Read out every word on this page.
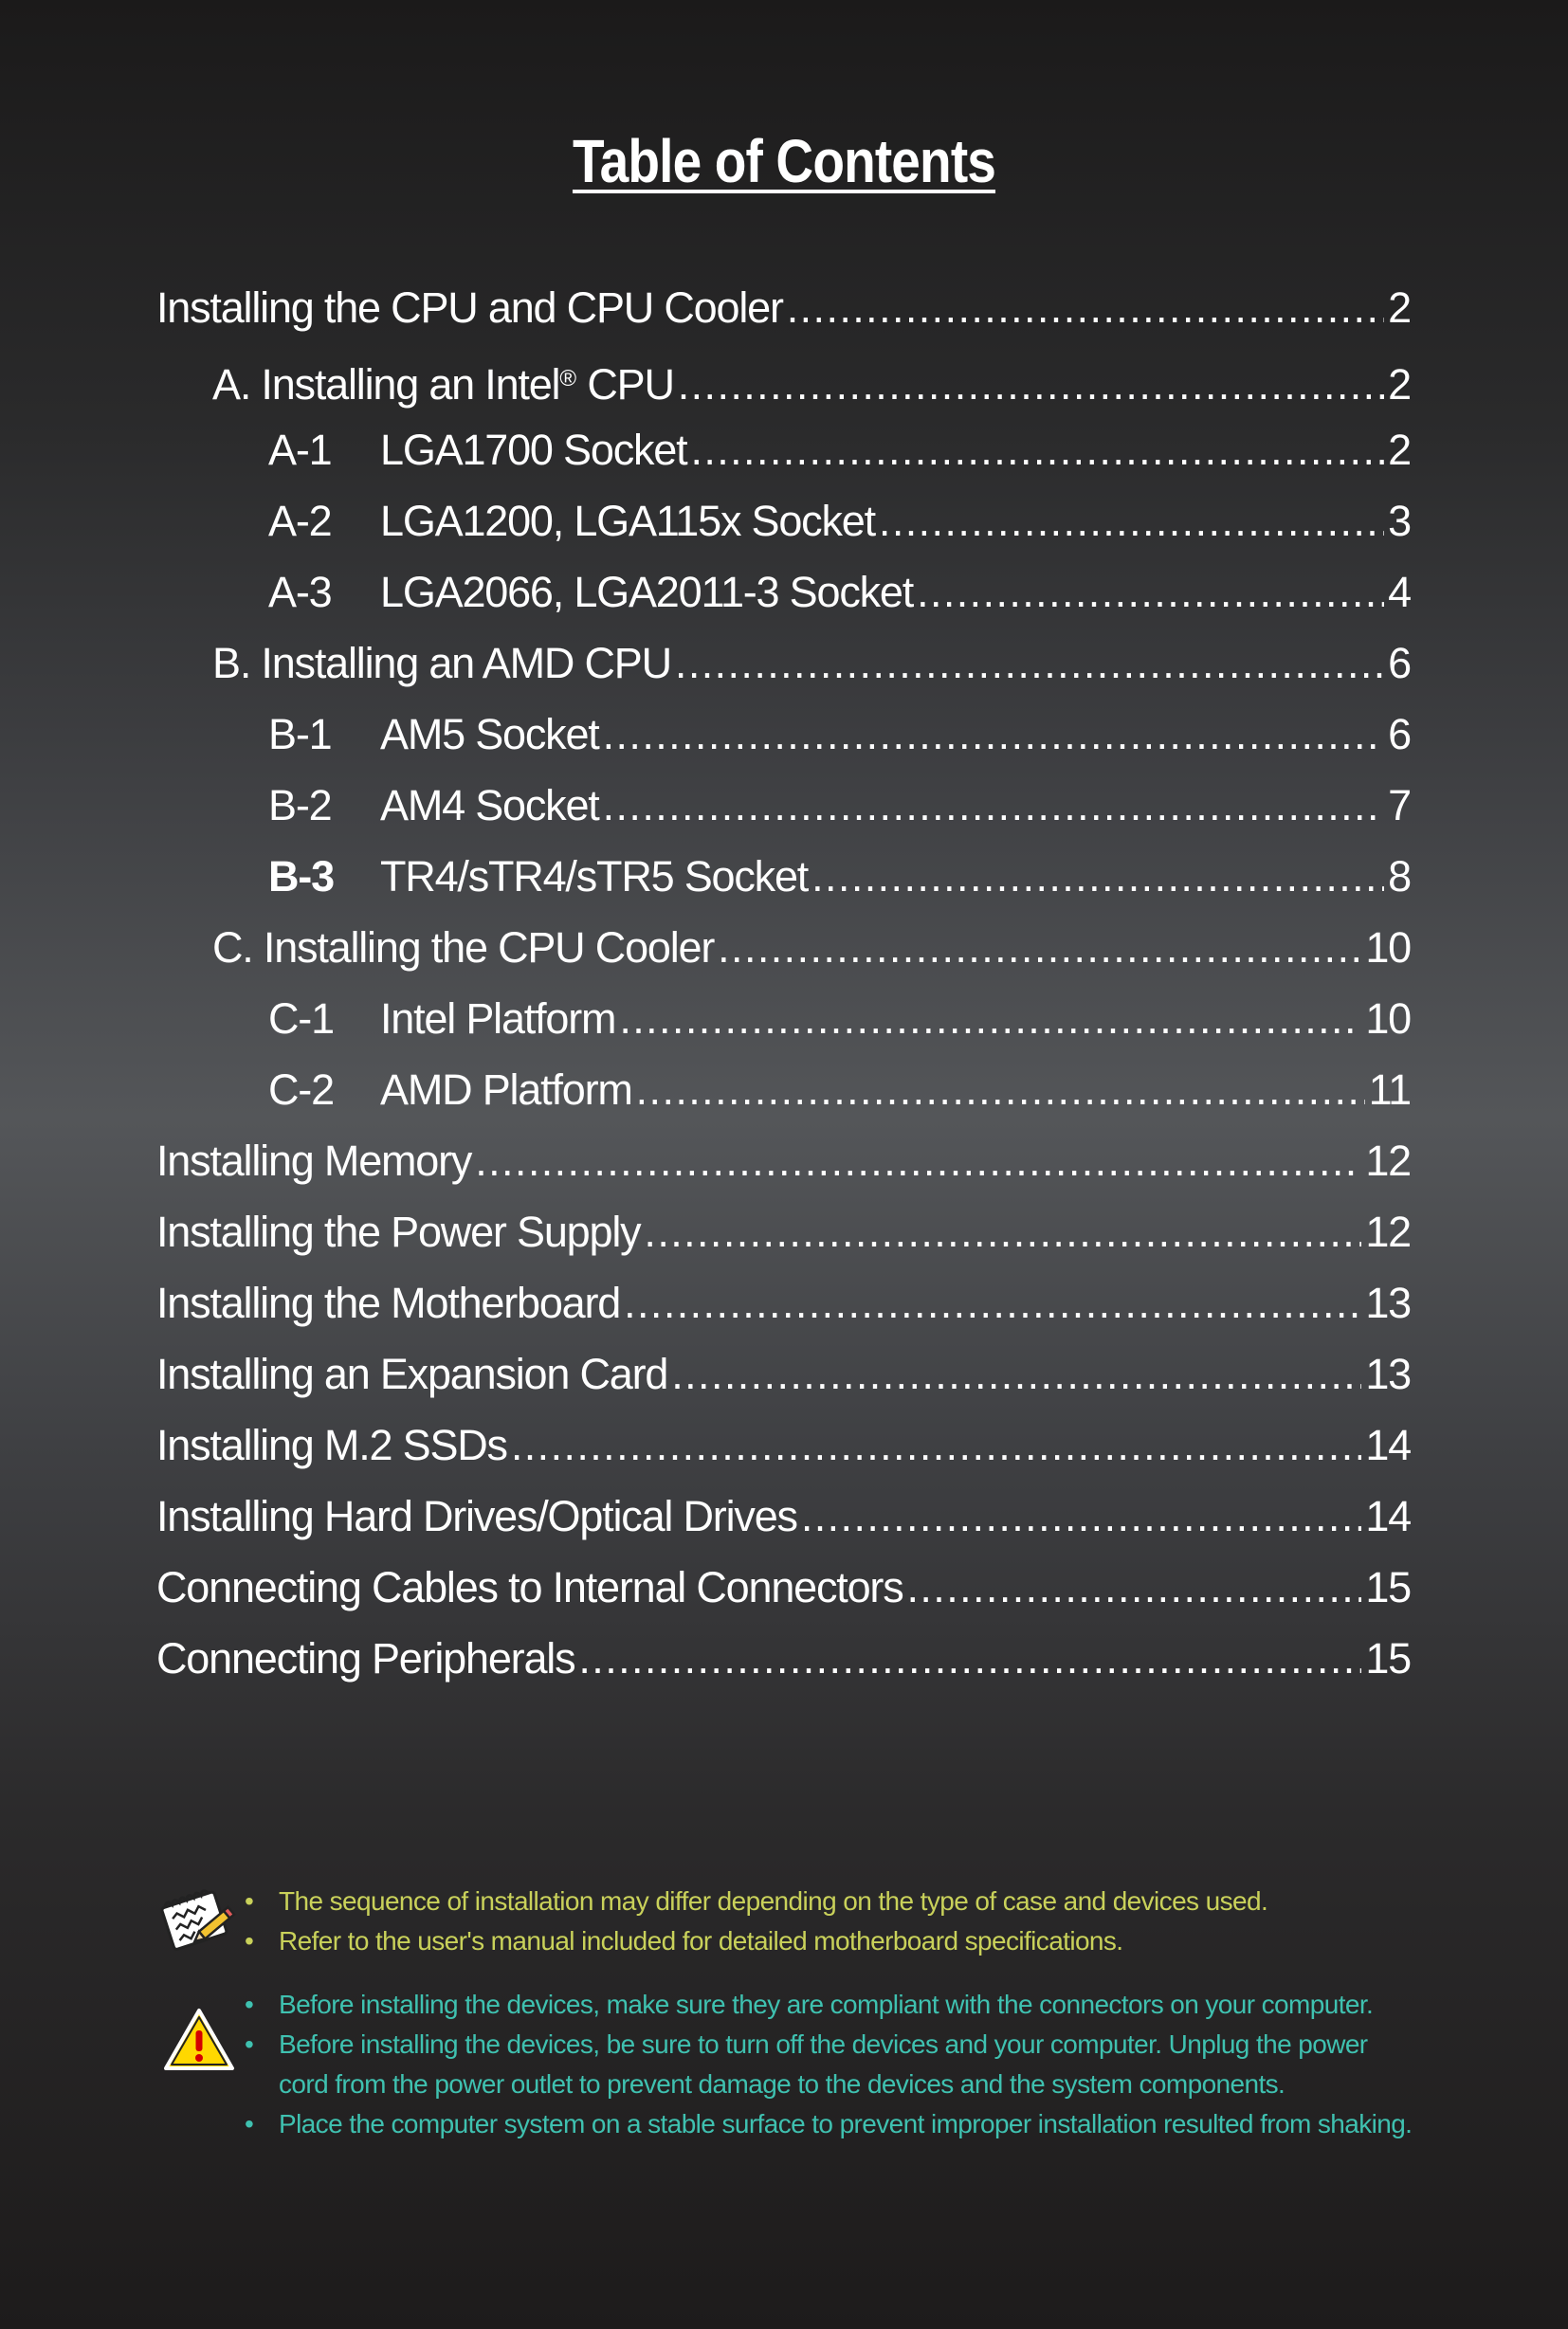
Table of Contents
Installing the CPU and CPU Cooler .....	2
A. Installing an Intel® CPU .....	2
A-1	LGA1700 Socket .....	2
A-2	LGA1200, LGA115x Socket .....	3
A-3	LGA2066, LGA2011-3 Socket .....	4
B. Installing an AMD CPU .....	6
B-1	AM5 Socket .....	6
B-2	AM4 Socket .....	7
B-3	TR4/sTR4/sTR5 Socket .....	8
C. Installing the CPU Cooler .....	10
C-1	Intel Platform .....	10
C-2	AMD Platform .....	11
Installing Memory .....	12
Installing the Power Supply .....	12
Installing the Motherboard .....	13
Installing an Expansion Card .....	13
Installing M.2 SSDs .....	14
Installing Hard Drives/Optical Drives .....	14
Connecting Cables to Internal Connectors .....	15
Connecting Peripherals .....	15
• The sequence of installation may differ depending on the type of case and devices used.
• Refer to the user's manual included for detailed motherboard specifications.
• Before installing the devices, make sure they are compliant with the connectors on your computer.
• Before installing the devices, be sure to turn off the devices and your computer. Unplug the power cord from the power outlet to prevent damage to the devices and the system components.
• Place the computer system on a stable surface to prevent improper installation resulted from shaking.
